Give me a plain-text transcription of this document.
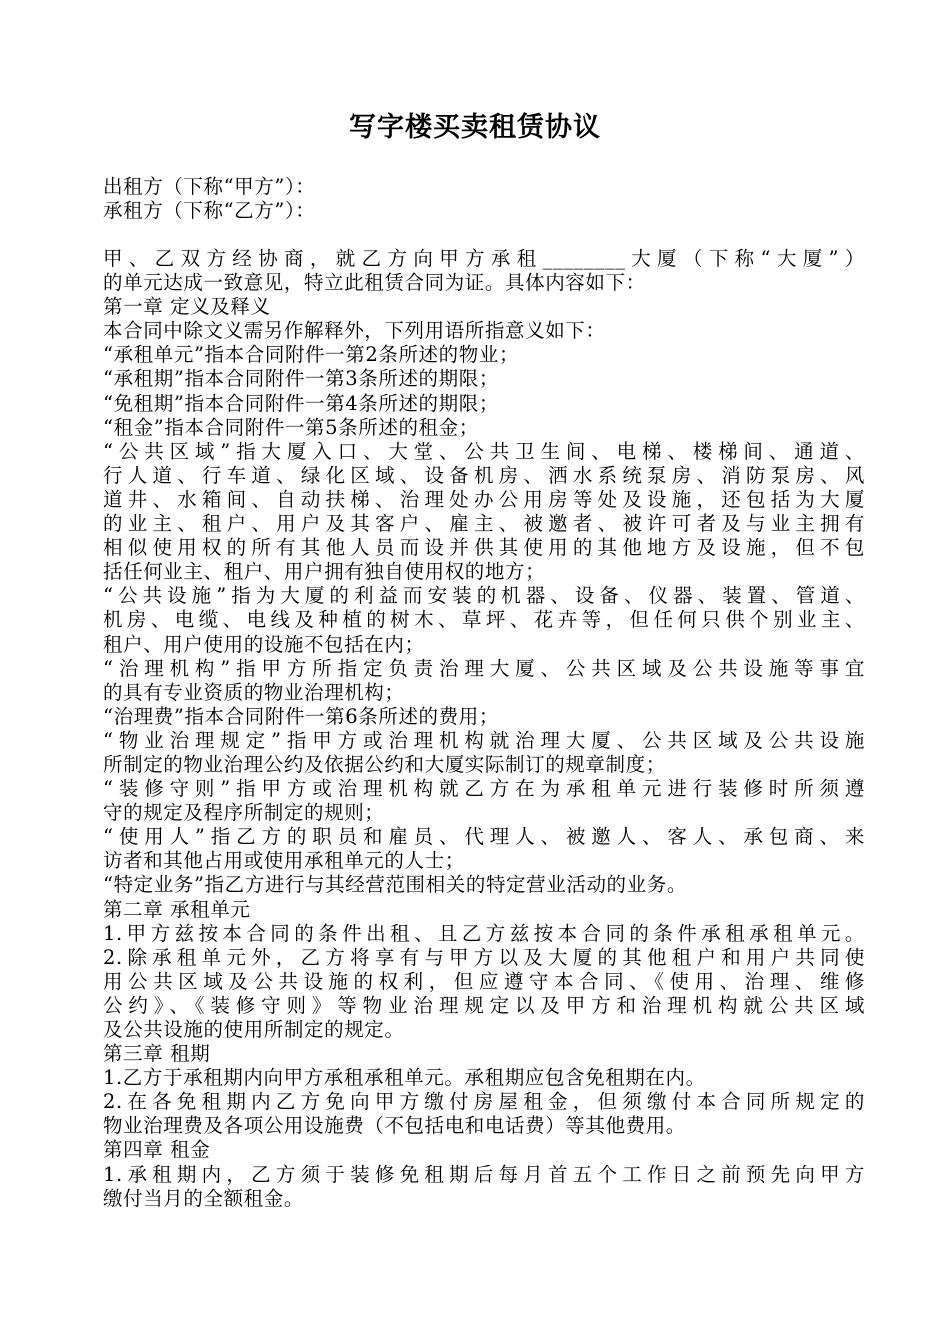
写字楼买卖租赁协议
出租方（下称“甲方”）：
承租方（下称“乙方”）：
甲、乙双方经协商，就乙方向甲方承租________大厦（下称“大厦”）
的单元达成一致意见，特立此租赁合同为证。具体内容如下：
第一章 定义及释义
本合同中除文义需另作解释外，下列用语所指意义如下：
“承租单元”指本合同附件一第2条所述的物业；
“承租期”指本合同附件一第3条所述的期限；
“免租期”指本合同附件一第4条所述的期限；
“租金”指本合同附件一第5条所述的租金；
“公共区域”指大厦入口、大堂、公共卫生间、电梯、楼梯间、通道、
行人道、行车道、绿化区域、设备机房、洒水系统泵房、消防泵房、风
道井、水箱间、自动扶梯、治理处办公用房等处及设施，还包括为大厦
的业主、租户、用户及其客户、雇主、被邀者、被许可者及与业主拥有
相似使用权的所有其他人员而设并供其使用的其他地方及设施，但不包
括任何业主、租户、用户拥有独自使用权的地方；
“公共设施”指为大厦的利益而安装的机器、设备、仪器、装置、管道、
机房、电缆、电线及种植的树木、草坪、花卉等，但任何只供个别业主、
租户、用户使用的设施不包括在内；
“治理机构”指甲方所指定负责治理大厦、公共区域及公共设施等事宜
的具有专业资质的物业治理机构；
“治理费”指本合同附件一第6条所述的费用；
“物业治理规定”指甲方或治理机构就治理大厦、公共区域及公共设施
所制定的物业治理公约及依据公约和大厦实际制订的规章制度；
“装修守则”指甲方或治理机构就乙方在为承租单元进行装修时所须遵
守的规定及程序所制定的规则；
“使用人”指乙方的职员和雇员、代理人、被邀人、客人、承包商、来
访者和其他占用或使用承租单元的人士；
“特定业务”指乙方进行与其经营范围相关的特定营业活动的业务。
第二章 承租单元
1.甲方兹按本合同的条件出租、且乙方兹按本合同的条件承租承租单元。
2.除承租单元外，乙方将享有与甲方以及大厦的其他租户和用户共同使
用公共区域及公共设施的权利，但应遵守本合同、《使用、治理、维修
公约》、《装修守则》等物业治理规定以及甲方和治理机构就公共区域
及公共设施的使用所制定的规定。
第三章 租期
1.乙方于承租期内向甲方承租承租单元。承租期应包含免租期在内。
2.在各免租期内乙方免向甲方缴付房屋租金，但须缴付本合同所规定的
物业治理费及各项公用设施费（不包括电和电话费）等其他费用。
第四章 租金
1.承租期内，乙方须于装修免租期后每月首五个工作日之前预先向甲方
缴付当月的全额租金。
